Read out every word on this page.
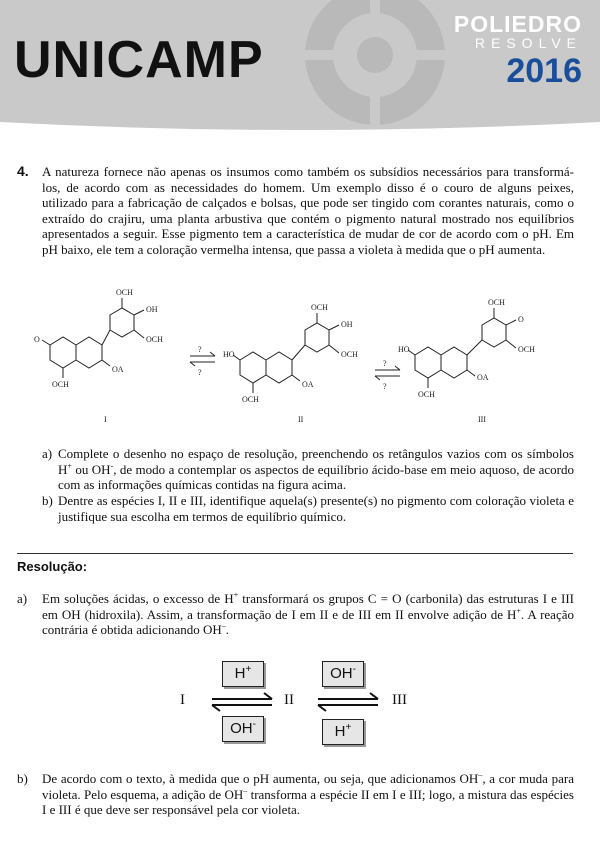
UNICAMP
POLIEDRO
RESOLVE
2016
4. A natureza fornece não apenas os insumos como também os subsídios necessários para transformá-los, de acordo com as necessidades do homem. Um exemplo disso é o couro de alguns peixes, utilizado para a fabricação de calçados e bolsas, que pode ser tingido com corantes naturais, como o extraído do crajiru, uma planta arbustiva que contém o pigmento natural mostrado nos equilíbrios apresentados a seguir. Esse pigmento tem a característica de mudar de cor de acordo com o pH. Em pH baixo, ele tem a coloração vermelha intensa, que passa a violeta à medida que o pH aumenta.
O
OCH
OH
OCH
OA
OCH
?
?
HO
OCH
OH
OCH
OA
OCH
?
?
HO
OCH
O
OCH
OA
OCH
I	II	III
a) Complete o desenho no espaço de resolução, preenchendo os retângulos vazios com os símbolos H+ ou OH-, de modo a contemplar os aspectos de equilíbrio ácido-base em meio aquoso, de acordo com as informações químicas contidas na figura acima.
b) Dentre as espécies I, II e III, identifique aquela(s) presente(s) no pigmento com coloração violeta e justifique sua escolha em termos de equilíbrio químico.
Resolução:
a) Em soluções ácidas, o excesso de H+ transformará os grupos C = O (carbonila) das estruturas I e III em OH (hidroxila). Assim, a transformação de I em II e de III em II envolve adição de H+. A reação contrária é obtida adicionando OH–.
I	II	III
H+	OH-
OH-	H+
b) De acordo com o texto, à medida que o pH aumenta, ou seja, que adicionamos OH–, a cor muda para violeta. Pelo esquema, a adição de OH– transforma a espécie II em I e III; logo, a mistura das espécies I e III é que deve ser responsável pela cor violeta.
